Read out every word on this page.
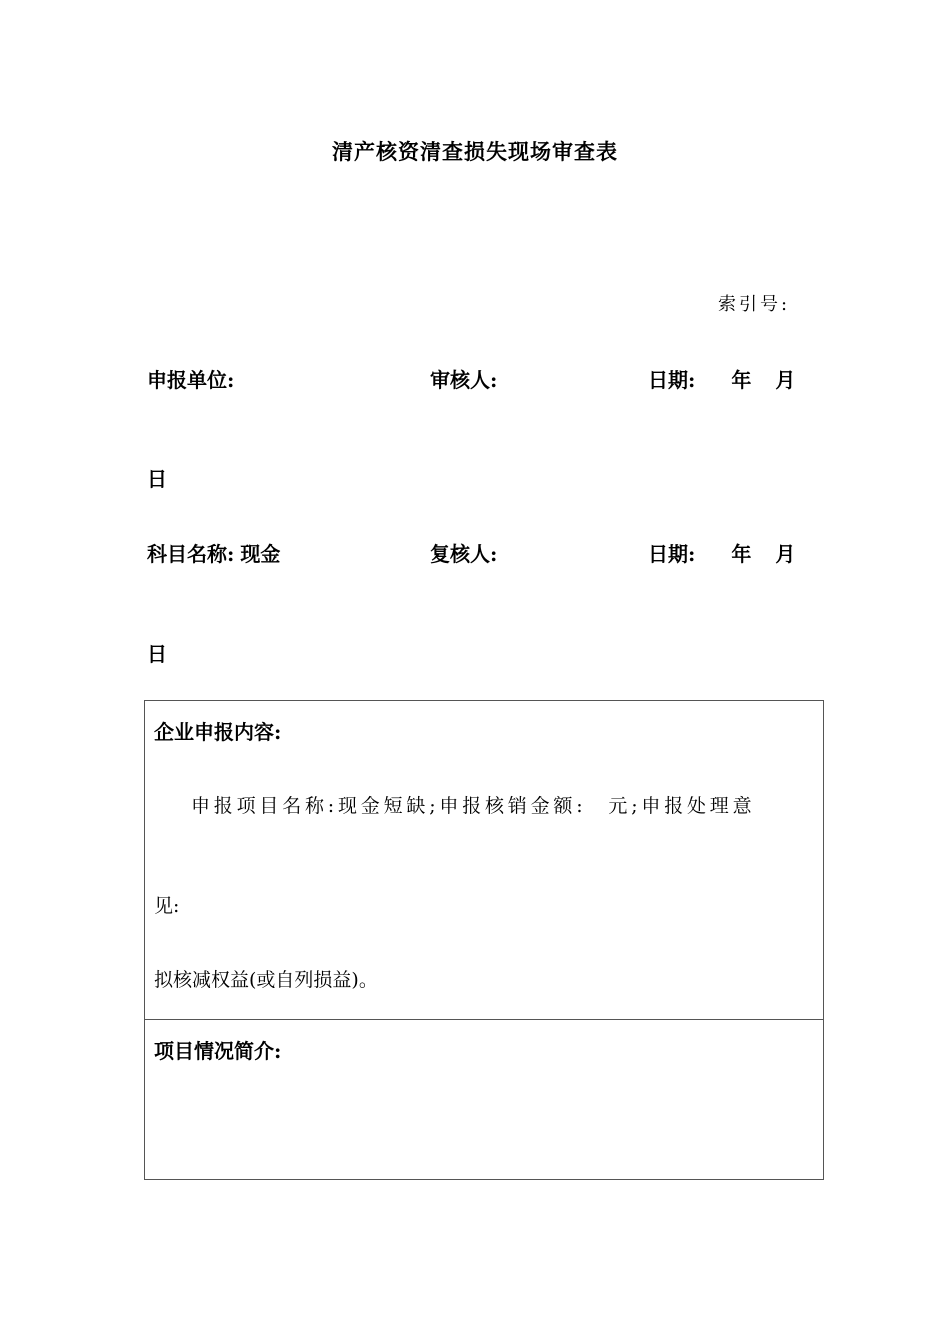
清产核资清查损失现场审查表
索引号:
申报单位:	审核人:	日期: 年 月
日
科目名称: 现金	复核人:	日期: 年 月
日
企业申报内容:
申报项目名称:现金短缺;申报核销金额: 元;申报处理意
见:
拟核减权益(或自列损益)。
项目情况简介:
